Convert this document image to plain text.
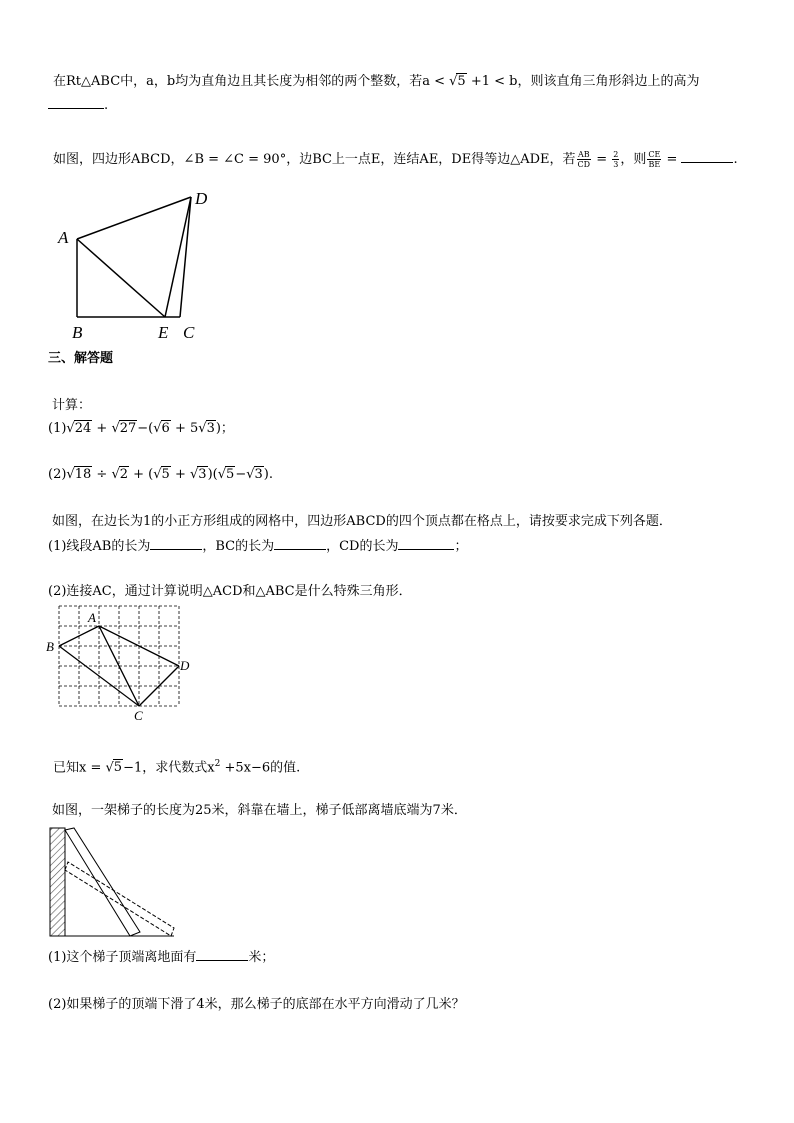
在Rt△ABC中，a，b均为直角边且其长度为相邻的两个整数，若a < √5 +1 < b，则该直角三角形斜边上的高为
.
如图，四边形ABCD，∠B = ∠C = 90°，边BC上一点E，连结AE，DE得等边△ADE，若 $\frac{AB}{CD} = \frac{2}{3}$ ，则 $\frac{CE}{BE}$ =	.
A
D
B	E C
三、解答题
计算：
(1)√24 + √27−(√6 + 5√3)；
(2)√18 ÷ √2 + (√5 + √3)(√5−√3).
如图，在边长为1的小正方形组成的网格中，四边形ABCD的四个顶点都在格点上，请按要求完成下列各题．
(1)线段AB的长为	，BC的长为	，CD的长为	；
(2)连接AC，通过计算说明△ACD和△ABC是什么特殊三角形．
A
B
C
D
已知x = √5−1，求代数式$x^2 +5x-6$的值.
如图，一架梯子的长度为25米，斜靠在墙上，梯子低部离墙底端为7米．
(1)这个梯子顶端离地面有	米；
(2)如果梯子的顶端下滑了4米，那么梯子的底部在水平方向滑动了几米？
